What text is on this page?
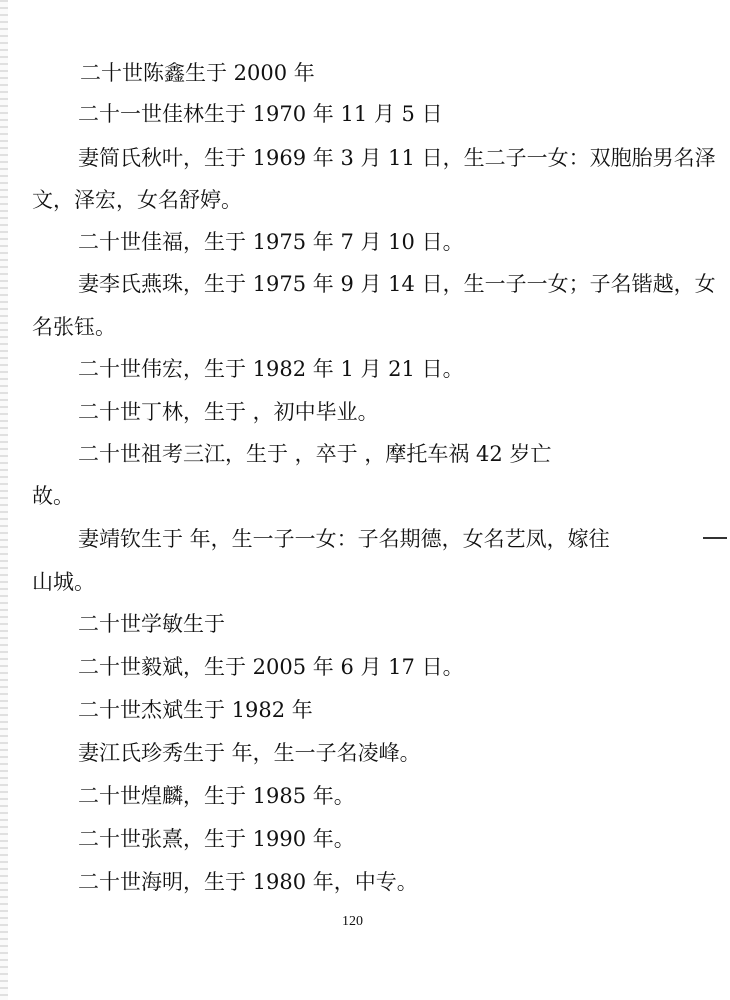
二十世陈鑫生于 2000 年
二十一世佳林生于 1970 年 11 月 5 日
妻简氏秋叶，生于 1969 年 3 月 11 日，生二子一女：双胞胎男名泽
文，泽宏，女名舒婷。
二十世佳福，生于 1975 年 7 月 10 日。
妻李氏燕珠，生于 1975 年 9 月 14 日，生一子一女；子名锴越，女
名张钰。
二十世伟宏，生于 1982 年 1 月 21 日。
二十世丁林，生于 ，初中毕业。
二十世祖考三江，生于 ，卒于 ，摩托车祸 42 岁亡
故。
妻靖钦生于 年，生一子一女：子名期德，女名艺凤，嫁往
山城。
二十世学敏生于
二十世毅斌，生于 2005 年 6 月 17 日。
二十世杰斌生于 1982 年
妻江氏珍秀生于 年，生一子名凌峰。
二十世煌麟，生于 1985 年。
二十世张熹，生于 1990 年。
二十世海明，生于 1980 年，中专。
120
